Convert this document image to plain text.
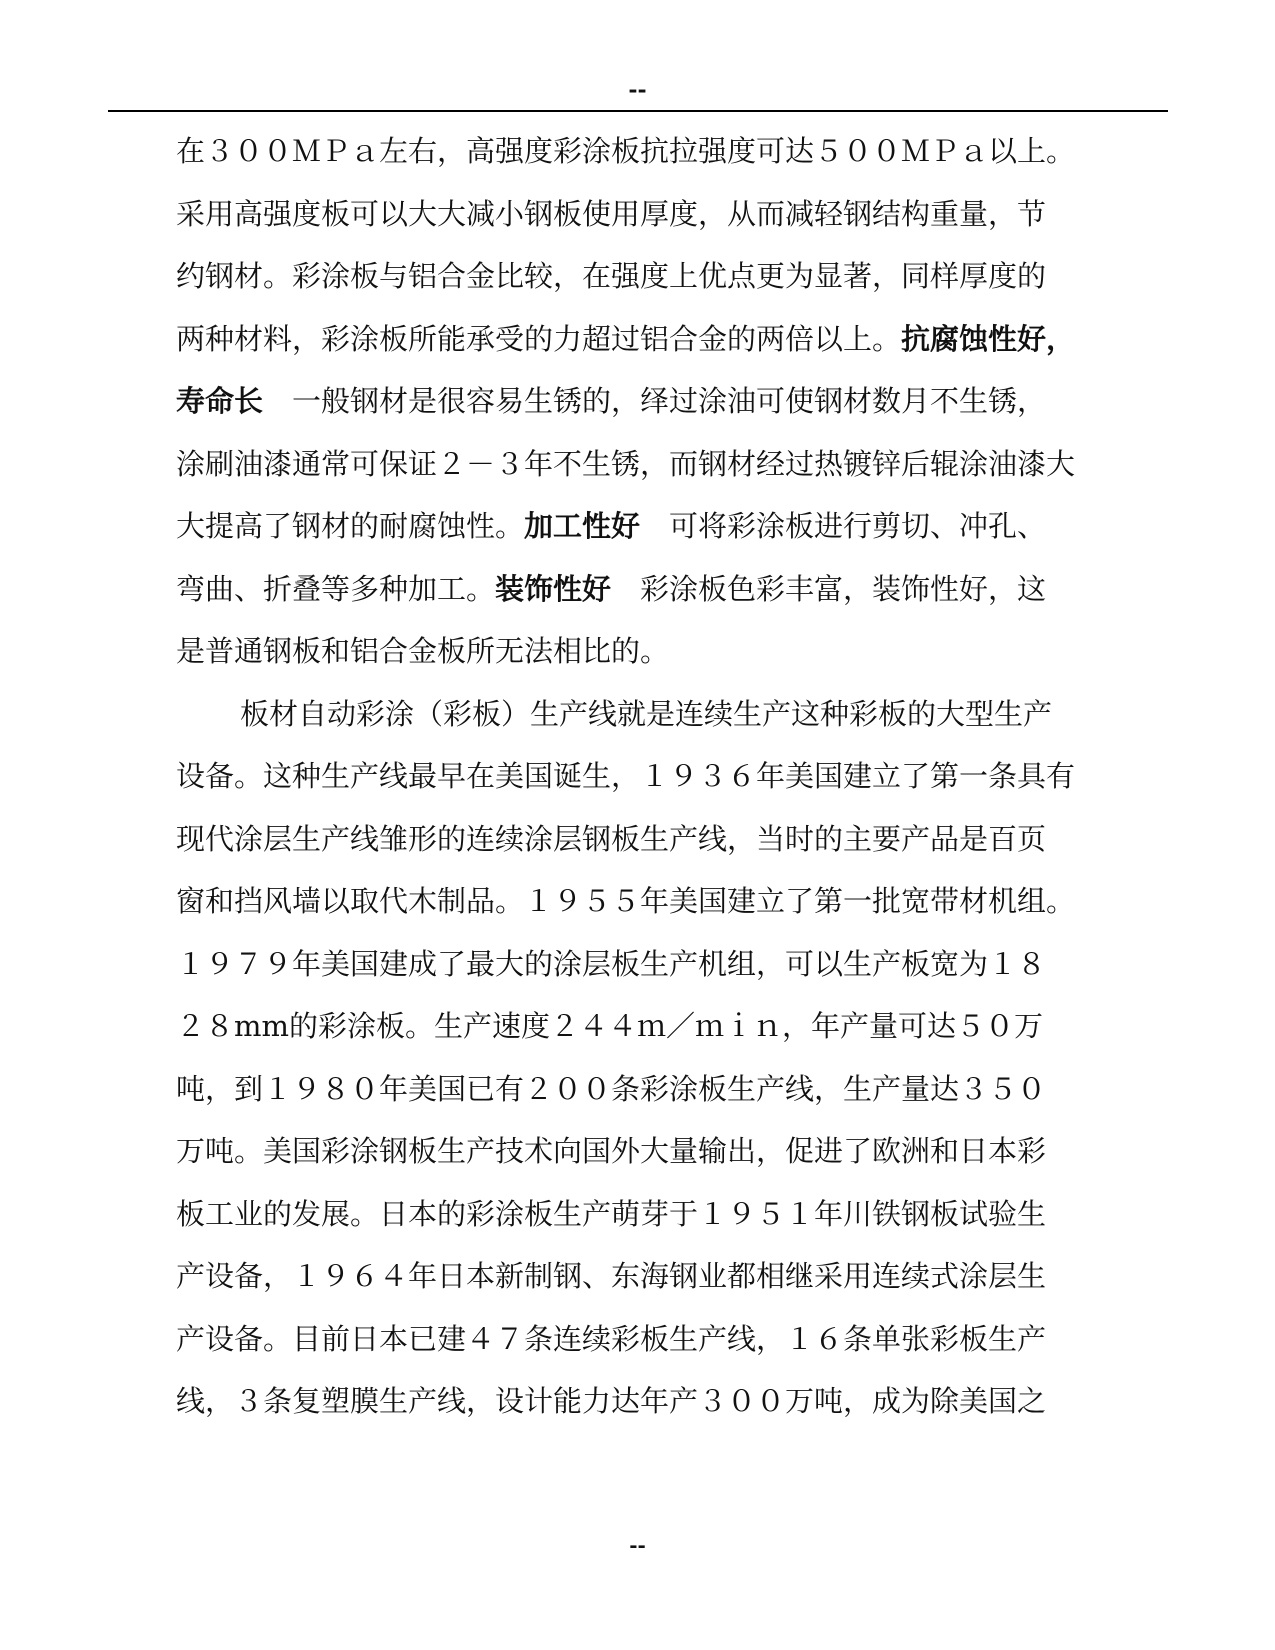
--
在３００ＭＰａ左右，高强度彩涂板抗拉强度可达５００ＭＰａ以上。
采用高强度板可以大大减小钢板使用厚度，从而减轻钢结构重量，节
约钢材。彩涂板与铝合金比较，在强度上优点更为显著，同样厚度的
两种材料，彩涂板所能承受的力超过铝合金的两倍以上。抗腐蚀性好，
寿命长　一般钢材是很容易生锈的，绎过涂油可使钢材数月不生锈，
涂刷油漆通常可保证２－３年不生锈，而钢材经过热镀锌后辊涂油漆大
大提高了钢材的耐腐蚀性。加工性好　可将彩涂板进行剪切、冲孔、
弯曲、折叠等多种加工。装饰性好　彩涂板色彩丰富，装饰性好，这
是普通钢板和铝合金板所无法相比的。
板材自动彩涂（彩板）生产线就是连续生产这种彩板的大型生产
设备。这种生产线最早在美国诞生，１９３６年美国建立了第一条具有
现代涂层生产线雏形的连续涂层钢板生产线，当时的主要产品是百页
窗和挡风墙以取代木制品。１９５５年美国建立了第一批宽带材机组。
１９７９年美国建成了最大的涂层板生产机组，可以生产板宽为１８
２８mm的彩涂板。生产速度２４４ｍ／ｍｉｎ，年产量可达５０万
吨，到１９８０年美国已有２００条彩涂板生产线，生产量达３５０
万吨。美国彩涂钢板生产技术向国外大量输出，促进了欧洲和日本彩
板工业的发展。日本的彩涂板生产萌芽于１９５１年川铁钢板试验生
产设备，１９６４年日本新制钢、东海钢业都相继采用连续式涂层生
产设备。目前日本已建４７条连续彩板生产线，１６条单张彩板生产
线，３条复塑膜生产线，设计能力达年产３００万吨，成为除美国之
--
